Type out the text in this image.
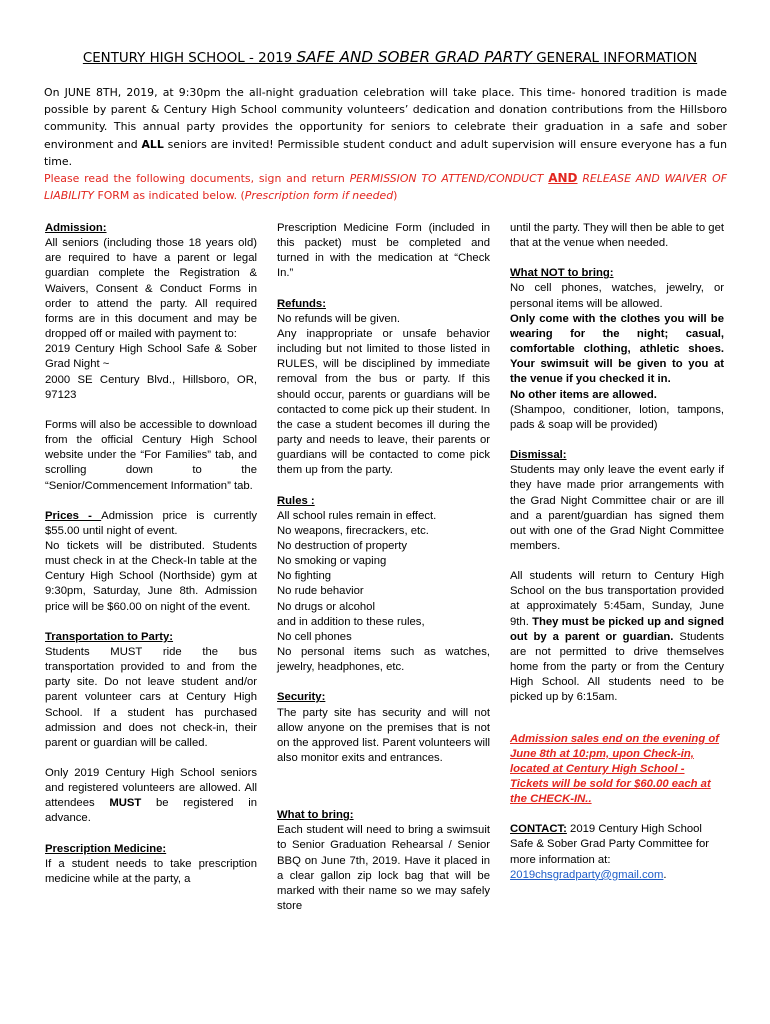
CENTURY HIGH SCHOOL - 2019 SAFE AND SOBER GRAD PARTY GENERAL INFORMATION
On JUNE 8TH, 2019, at 9:30pm the all-night graduation celebration will take place. This time- honored tradition is made possible by parent & Century High School community volunteers’ dedication and donation contributions from the Hillsboro community. This annual party provides the opportunity for seniors to celebrate their graduation in a safe and sober environment and ALL seniors are invited! Permissible student conduct and adult supervision will ensure everyone has a fun time.
Please read the following documents, sign and return PERMISSION TO ATTEND/CONDUCT AND RELEASE AND WAIVER OF LIABILITY FORM as indicated below. (Prescription form if needed)

Admission:

All seniors (including those 18 years old) are required to have a parent or legal guardian complete the Registration & Waivers, Consent & Conduct Forms in order to attend the party. All required forms are in this document and may be dropped off or mailed with payment to:

2019 Century High School Safe & Sober Grad Night ~

2000 SE Century Blvd., Hillsboro, OR, 97123

Forms will also be accessible to download from the official Century High School website under the “For Families” tab, and scrolling down to the “Senior/Commencement Information” tab.

Prices - Admission price is currently $55.00 until night of event.

No tickets will be distributed. Students must check in at the Check-In table at the Century High School (Northside) gym at 9:30pm, Saturday, June 8th. Admission price will be $60.00 on night of the event.

Transportation to Party:

Students MUST ride the bus transportation provided to and from the party site. Do not leave student and/or parent volunteer cars at Century High School. If a student has purchased admission and does not check-in, their parent or guardian will be called.

Only 2019 Century High School seniors and registered volunteers are allowed. All attendees MUST be registered in advance.

Prescription Medicine:

If a student needs to take prescription medicine while at the party, a

Prescription Medicine Form (included in this packet) must be completed and turned in with the medication at “Check In.”

Refunds:

No refunds will be given.

Any inappropriate or unsafe behavior including but not limited to those listed in RULES, will be disciplined by immediate removal from the bus or party. If this should occur, parents or guardians will be contacted to come pick up their student. In the case a student becomes ill during the party and needs to leave, their parents or guardians will be contacted to come pick them up from the party.

Rules :

All school rules remain in effect.

No weapons, firecrackers, etc.

No destruction of property

No smoking or vaping

No fighting

No rude behavior

No drugs or alcohol

and in addition to these rules,

No cell phones

No personal items such as watches, jewelry, headphones, etc.

Security:

The party site has security and will not allow anyone on the premises that is not on the approved list. Parent volunteers will also monitor exits and entrances.

What to bring:

Each student will need to bring a swimsuit to Senior Graduation Rehearsal / Senior BBQ on June 7th, 2019. Have it placed in a clear gallon zip lock bag that will be marked with their name so we may safely store

until the party. They will then be able to get that at the venue when needed.

What NOT to bring:

No cell phones, watches, jewelry, or personal items will be allowed.

Only come with the clothes you will be wearing for the night; casual, comfortable clothing, athletic shoes. Your swimsuit will be given to you at the venue if you checked it in.

No other items are allowed.

(Shampoo, conditioner, lotion, tampons, pads & soap will be provided)

Dismissal:

Students may only leave the event early if they have made prior arrangements with the Grad Night Committee chair or are ill and a parent/guardian has signed them out with one of the Grad Night Committee members.

All students will return to Century High School on the bus transportation provided at approximately 5:45am, Sunday, June 9th. They must be picked up and signed out by a parent or guardian. Students are not permitted to drive themselves home from the party or from the Century High School. All students need to be picked up by 6:15am.

Admission sales end on the evening of June 8th at 10:pm, upon Check-in, located at Century High School - Tickets will be sold for $60.00 each at the CHECK-IN..

CONTACT: 2019 Century High School Safe & Sober Grad Party Committee for more information at:

2019chsgradparty@gmail.com.
